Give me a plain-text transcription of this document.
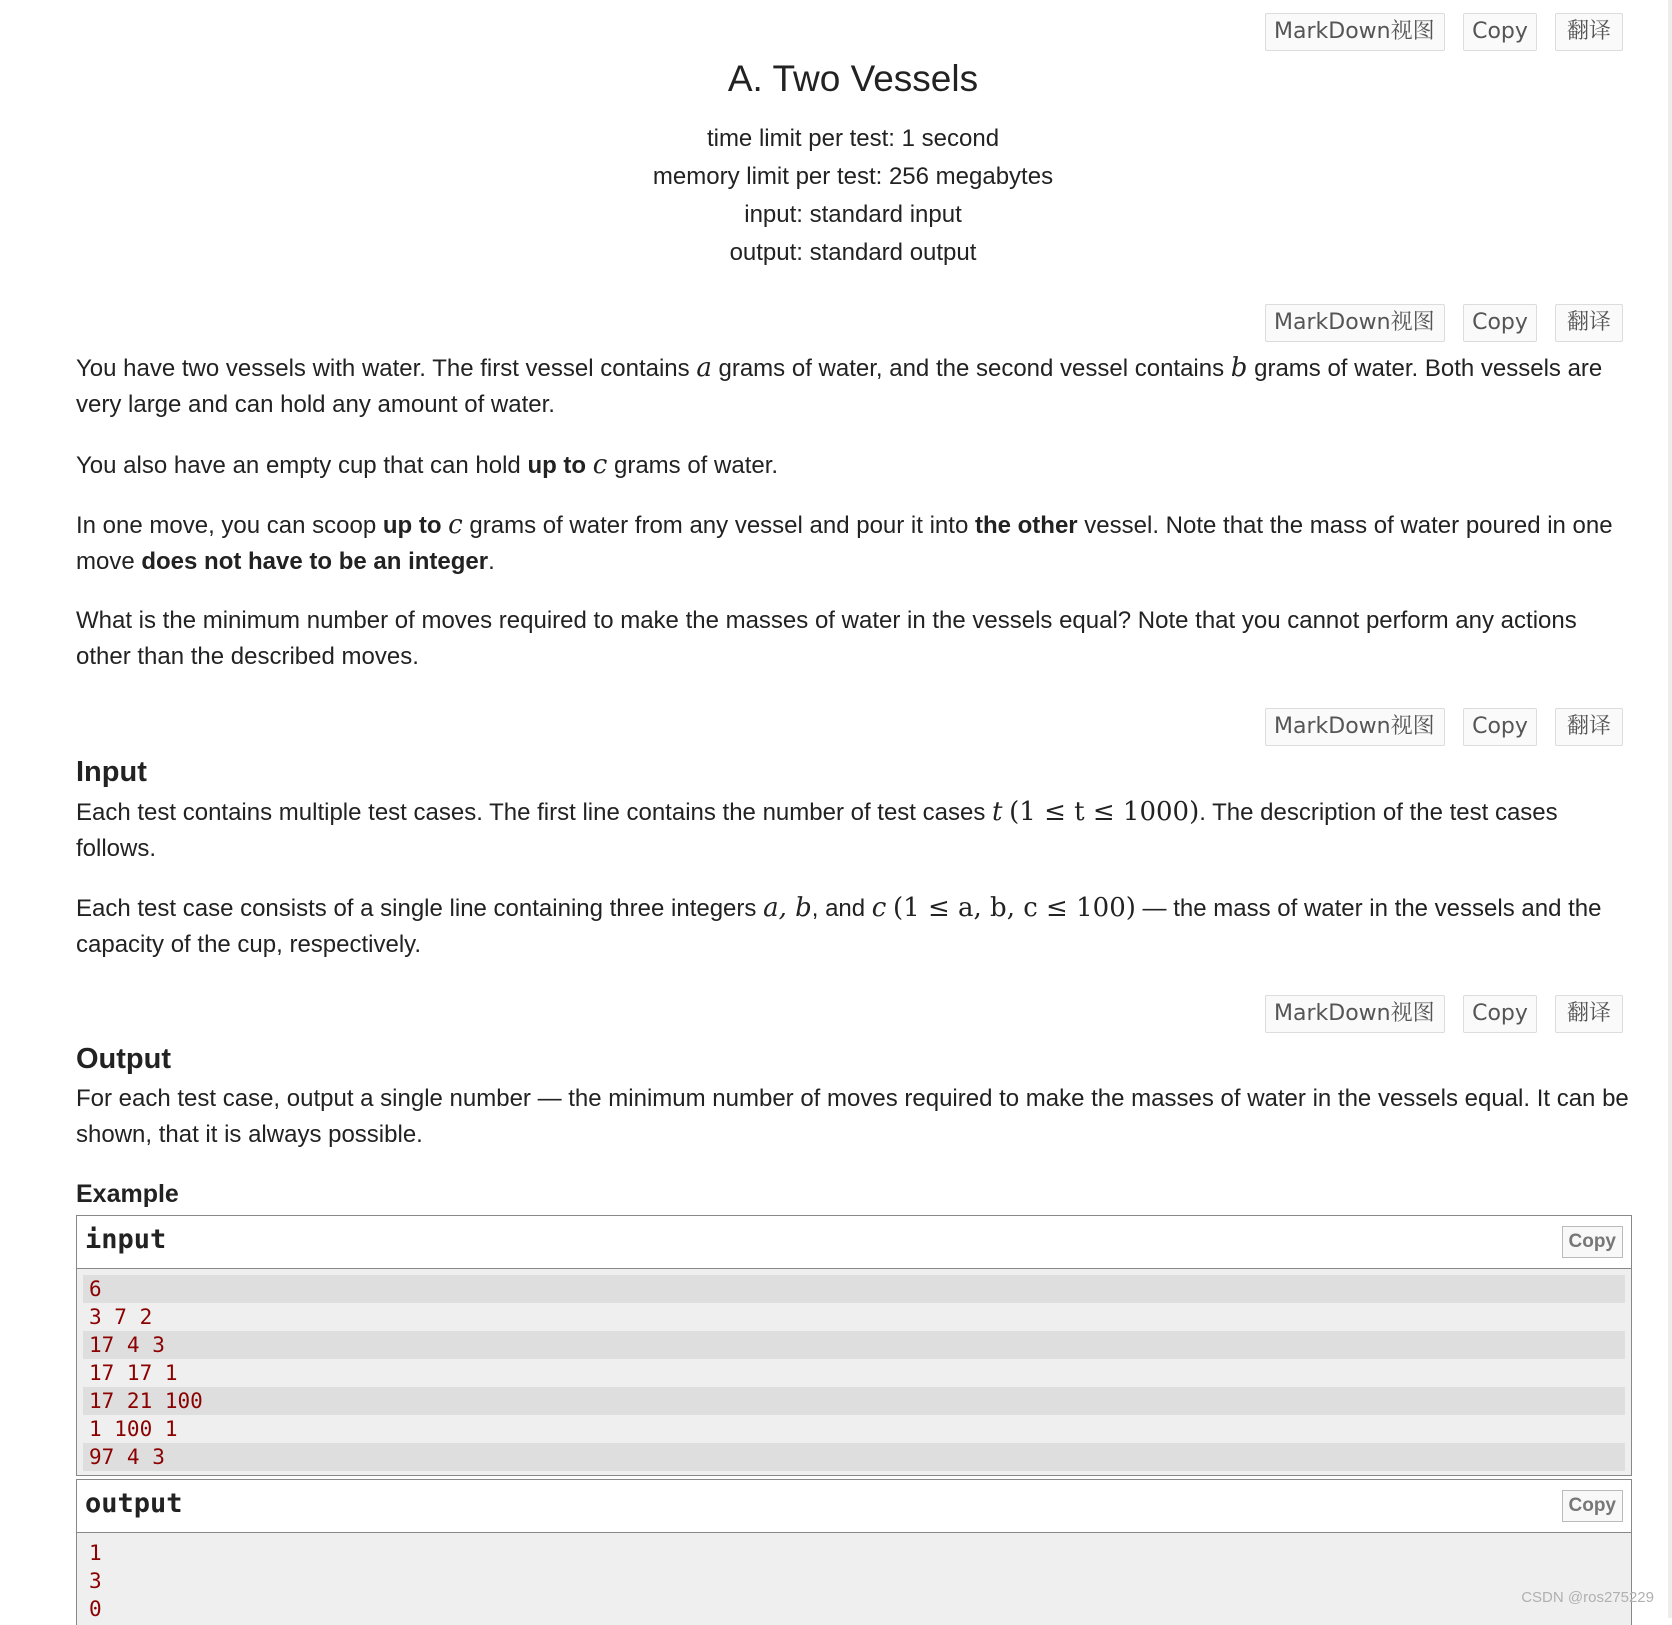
MarkDown视图	Copy	翻译
A. Two Vessels
time limit per test: 1 second
memory limit per test: 256 megabytes
input: standard input
output: standard output
MarkDown视图	Copy	翻译
You have two vessels with water. The first vessel contains a grams of water, and the second vessel contains b grams of water. Both vessels are very large and can hold any amount of water.
You also have an empty cup that can hold up to c grams of water.
In one move, you can scoop up to c grams of water from any vessel and pour it into the other vessel. Note that the mass of water poured in one move does not have to be an integer.
What is the minimum number of moves required to make the masses of water in the vessels equal? Note that you cannot perform any actions other than the described moves.
MarkDown视图	Copy	翻译
Input
Each test contains multiple test cases. The first line contains the number of test cases t (1 ≤ t ≤ 1000). The description of the test cases follows.
Each test case consists of a single line containing three integers a, b, and c (1 ≤ a, b, c ≤ 100) — the mass of water in the vessels and the capacity of the cup, respectively.
MarkDown视图	Copy	翻译
Output
For each test case, output a single number — the minimum number of moves required to make the masses of water in the vessels equal. It can be shown, that it is always possible.
Example
input	Copy
6
3 7 2
17 4 3
17 17 1
17 21 100
1 100 1
97 4 3
output	Copy
1
3
0	CSDN @ros275229
